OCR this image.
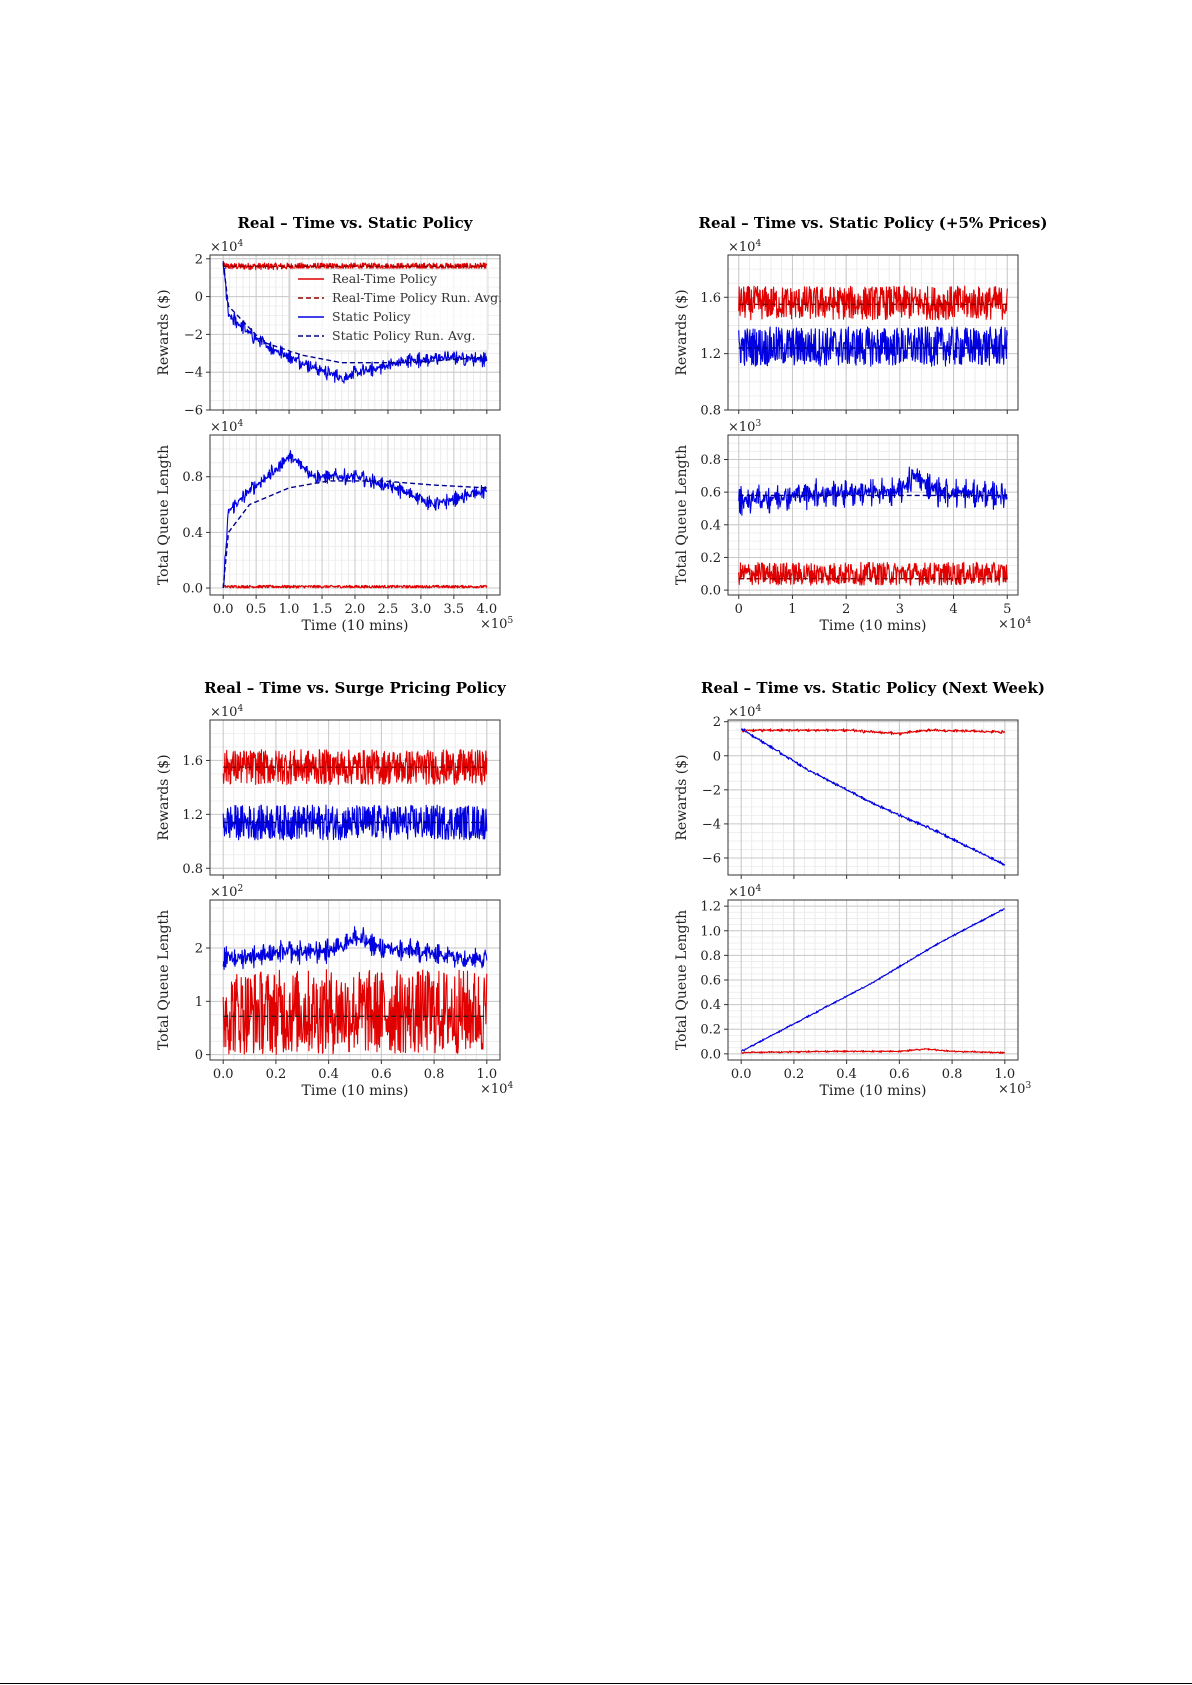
Real – Time vs. Static Policy
−6
−4
−2
0
2
$\times 10^4$
Rewards ($)
Real-Time Policy
Real-Time Policy Run. Avg.
Static Policy
Static Policy Run. Avg.
0.0
0.4
0.8
$\times 10^4$
Total Queue Length
0.0 0.5 1.0 1.5 2.0 2.5 3.0 3.5 4.0
Time (10 mins)	$\times 10^5$
Real – Time vs. Static Policy (+5% Prices)
0.8
1.2
1.6
$\times 10^4$
Rewards ($)
0.0
0.2
0.4
0.6
0.8
$\times 10^3$
Total Queue Length
0	1	2	3	4	5
Time (10 mins)	$\times 10^4$
Real – Time vs. Surge Pricing Policy
0.8
1.2
1.6
$\times 10^4$
Rewards ($)
0
1
2
$\times 10^2$
Total Queue Length
0.0 0.2 0.4 0.6 0.8 1.0
Time (10 mins)	$\times 10^4$
Real – Time vs. Static Policy (Next Week)
−6
−4
−2
0
2
$\times 10^4$
Rewards ($)
0.0
0.2
0.4
0.6
0.8
1.0
1.2
$\times 10^4$
Total Queue Length
0.0 0.2 0.4 0.6 0.8 1.0
Time (10 mins)	$\times 10^3$
